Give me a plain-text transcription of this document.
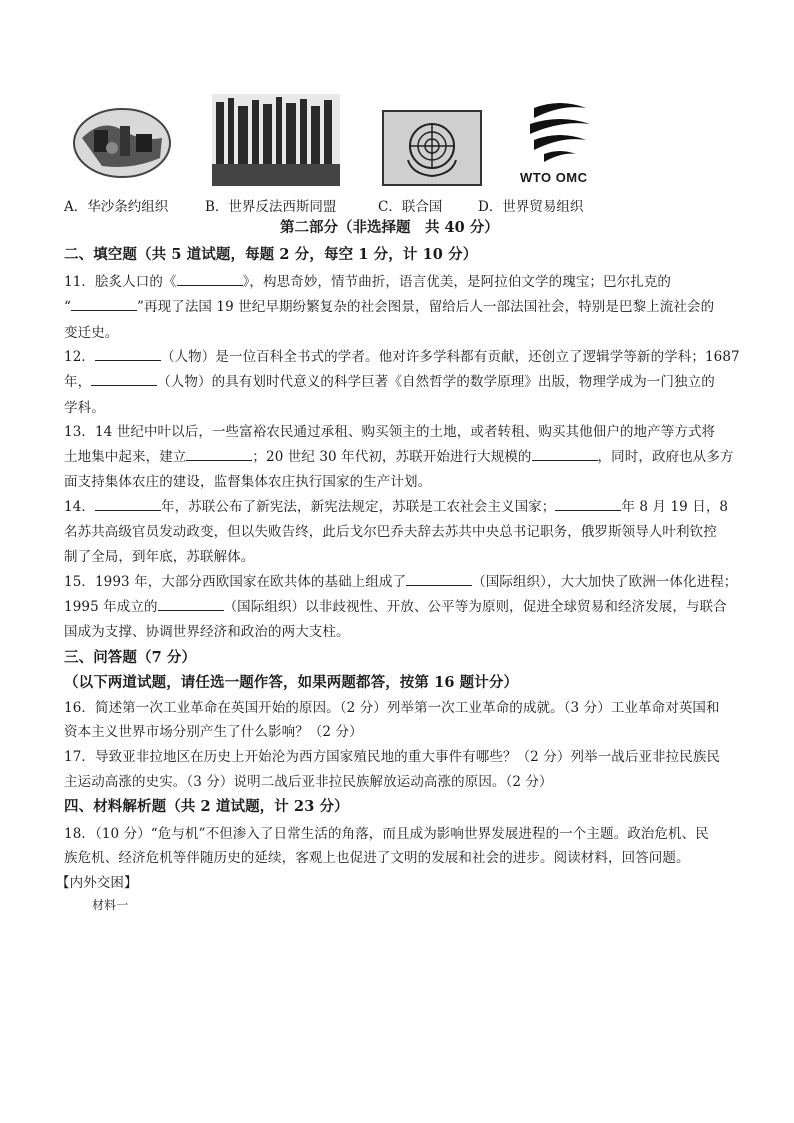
WTO OMC
A．华沙条约组织	B．世界反法西斯同盟	C．联合国	D．世界贸易组织
第二部分（非选择题　共 40 分）
二、填空题（共 5 道试题，每题 2 分，每空 1 分，计 10 分）
11．脍炙人口的《	》，构思奇妙，情节曲折，语言优美，是阿拉伯文学的瑰宝；巴尔扎克的
“	”再现了法国 19 世纪早期纷繁复杂的社会图景，留给后人一部法国社会，特别是巴黎上流社会的
变迁史。
12．	（人物）是一位百科全书式的学者。他对许多学科都有贡献，还创立了逻辑学等新的学科；1687
年，	（人物）的具有划时代意义的科学巨著《自然哲学的数学原理》出版，物理学成为一门独立的
学科。
13．14 世纪中叶以后，一些富裕农民通过承租、购买领主的土地，或者转租、购买其他佃户的地产等方式将
土地集中起来，建立	；20 世纪 30 年代初，苏联开始进行大规模的	，同时，政府也从多方
面支持集体农庄的建设，监督集体农庄执行国家的生产计划。
14．	年，苏联公布了新宪法，新宪法规定，苏联是工农社会主义国家；	年 8 月 19 日，8
名苏共高级官员发动政变，但以失败告终，此后戈尔巴乔夫辞去苏共中央总书记职务，俄罗斯领导人叶利钦控
制了全局，到年底，苏联解体。
15．1993 年，大部分西欧国家在欧共体的基础上组成了	（国际组织），大大加快了欧洲一体化进程；
1995 年成立的	（国际组织）以非歧视性、开放、公平等为原则，促进全球贸易和经济发展，与联合
国成为支撑、协调世界经济和政治的两大支柱。
三、问答题（7 分）
（以下两道试题，请任选一题作答，如果两题都答，按第 16 题计分）
16．简述第一次工业革命在英国开始的原因。（2 分）列举第一次工业革命的成就。（3 分）工业革命对英国和
资本主义世界市场分别产生了什么影响？（2 分）
17．导致亚非拉地区在历史上开始沦为西方国家殖民地的重大事件有哪些？（2 分）列举一战后亚非拉民族民
主运动高涨的史实。（3 分）说明二战后亚非拉民族解放运动高涨的原因。（2 分）
四、材料解析题（共 2 道试题，计 23 分）
18．（10 分）“危与机”不但渗入了日常生活的角落，而且成为影响世界发展进程的一个主题。政治危机、民
族危机、经济危机等伴随历史的延续，客观上也促进了文明的发展和社会的进步。阅读材料，回答问题。
【内外交困】
材料一
